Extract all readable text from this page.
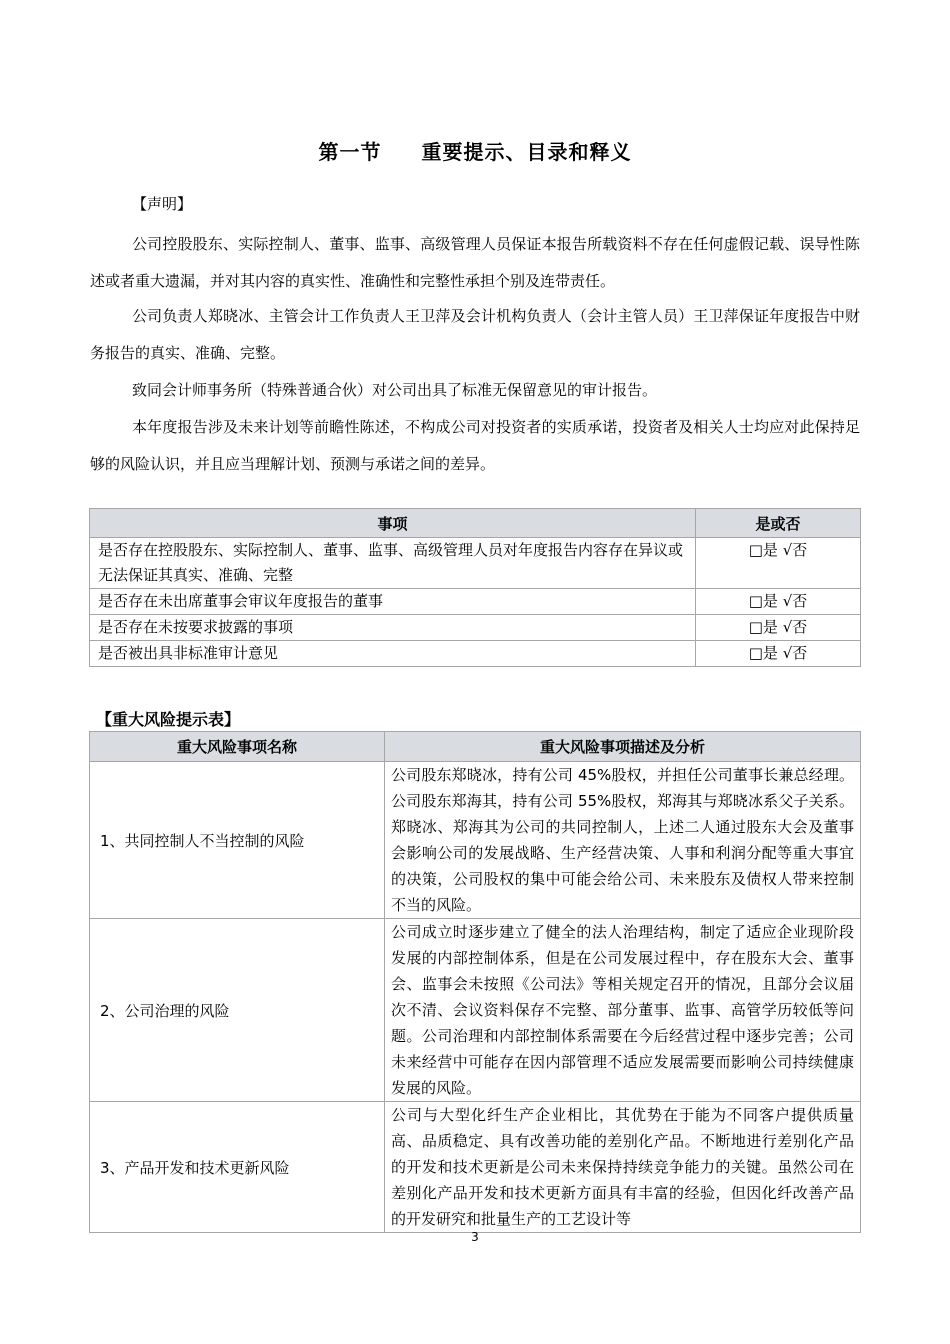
第一节 重要提示、目录和释义
【声明】
公司控股股东、实际控制人、董事、监事、高级管理人员保证本报告所载资料不存在任何虚假记载、误导性陈述或者重大遗漏，并对其内容的真实性、准确性和完整性承担个别及连带责任。
公司负责人郑晓冰、主管会计工作负责人王卫萍及会计机构负责人（会计主管人员）王卫萍保证年度报告中财务报告的真实、准确、完整。
致同会计师事务所（特殊普通合伙）对公司出具了标准无保留意见的审计报告。
本年度报告涉及未来计划等前瞻性陈述，不构成公司对投资者的实质承诺，投资者及相关人士均应对此保持足够的风险认识，并且应当理解计划、预测与承诺之间的差异。
事项	是或否
是否存在控股股东、实际控制人、董事、监事、高级管理人员对年度报告内容存在异议或无法保证其真实、准确、完整	□是 √否
是否存在未出席董事会审议年度报告的董事	□是 √否
是否存在未按要求披露的事项	□是 √否
是否被出具非标准审计意见	□是 √否
【重大风险提示表】
重大风险事项名称	重大风险事项描述及分析
1、共同控制人不当控制的风险	公司股东郑晓冰，持有公司 45%股权，并担任公司董事长兼总经理。公司股东郑海其，持有公司 55%股权，郑海其与郑晓冰系父子关系。郑晓冰、郑海其为公司的共同控制人，上述二人通过股东大会及董事会影响公司的发展战略、生产经营决策、人事和利润分配等重大事宜的决策，公司股权的集中可能会给公司、未来股东及债权人带来控制不当的风险。
2、公司治理的风险	公司成立时逐步建立了健全的法人治理结构，制定了适应企业现阶段发展的内部控制体系，但是在公司发展过程中，存在股东大会、董事会、监事会未按照《公司法》等相关规定召开的情况，且部分会议届次不清、会议资料保存不完整、部分董事、监事、高管学历较低等问题。公司治理和内部控制体系需要在今后经营过程中逐步完善；公司未来经营中可能存在因内部管理不适应发展需要而影响公司持续健康发展的风险。
3、产品开发和技术更新风险	公司与大型化纤生产企业相比，其优势在于能为不同客户提供质量高、品质稳定、具有改善功能的差别化产品。不断地进行差别化产品的开发和技术更新是公司未来保持持续竞争能力的关键。虽然公司在差别化产品开发和技术更新方面具有丰富的经验，但因化纤改善产品的开发研究和批量生产的工艺设计等
3
